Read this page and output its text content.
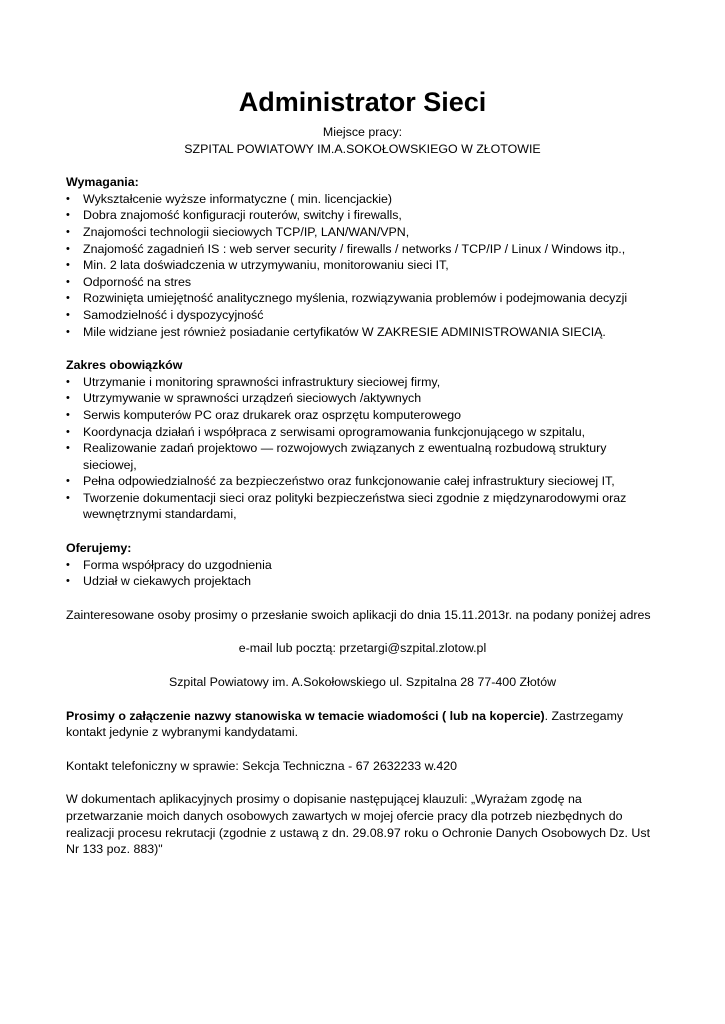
Administrator Sieci
Miejsce pracy:
SZPITAL POWIATOWY IM.A.SOKOŁOWSKIEGO W ZŁOTOWIE
Wymagania:
•	Wykształcenie wyższe informatyczne ( min. licencjackie)
•	Dobra znajomość konfiguracji routerów, switchy i firewalls,
•	Znajomości technologii sieciowych TCP/IP, LAN/WAN/VPN,
•	Znajomość zagadnień IS : web server security / firewalls / networks / TCP/IP / Linux / Windows itp.,
•	Min. 2 lata doświadczenia w utrzymywaniu, monitorowaniu sieci IT,
•	Odporność na stres
•	Rozwinięta umiejętność analitycznego myślenia, rozwiązywania problemów i podejmowania decyzji
•	Samodzielność i dyspozycyjność
•	Mile widziane jest również posiadanie certyfikatów W ZAKRESIE ADMINISTROWANIA SIECIĄ.
Zakres obowiązków
•	Utrzymanie i monitoring sprawności infrastruktury sieciowej firmy,
•	Utrzymywanie w sprawności urządzeń sieciowych /aktywnych
•	Serwis komputerów PC oraz drukarek oraz osprzętu komputerowego
•	Koordynacja działań i współpraca z serwisami oprogramowania funkcjonującego w szpitalu,
•	Realizowanie zadań projektowo — rozwojowych związanych z ewentualną rozbudową struktury sieciowej,
•	Pełna odpowiedzialność za bezpieczeństwo oraz funkcjonowanie całej infrastruktury sieciowej IT,
•	Tworzenie dokumentacji sieci oraz polityki bezpieczeństwa sieci zgodnie z międzynarodowymi oraz wewnętrznymi standardami,
Oferujemy:
•	Forma współpracy do uzgodnienia
•	Udział w ciekawych projektach

Zainteresowane osoby prosimy o przesłanie swoich aplikacji do dnia 15.11.2013r. na podany poniżej adres

e-mail lub pocztą: przetargi@szpital.zlotow.pl

Szpital Powiatowy im. A.Sokołowskiego ul. Szpitalna 28 77-400 Złotów

Prosimy o załączenie nazwy stanowiska w temacie wiadomości ( lub na kopercie). Zastrzegamy kontakt jedynie z wybranymi kandydatami.

Kontakt telefoniczny w sprawie: Sekcja Techniczna - 67 2632233 w.420

W dokumentach aplikacyjnych prosimy o dopisanie następującej klauzuli: „Wyrażam zgodę na przetwarzanie moich danych osobowych zawartych w mojej ofercie pracy dla potrzeb niezbędnych do realizacji procesu rekrutacji (zgodnie z ustawą z dn. 29.08.97 roku o Ochronie Danych Osobowych Dz. Ust Nr 133 poz. 883)"
